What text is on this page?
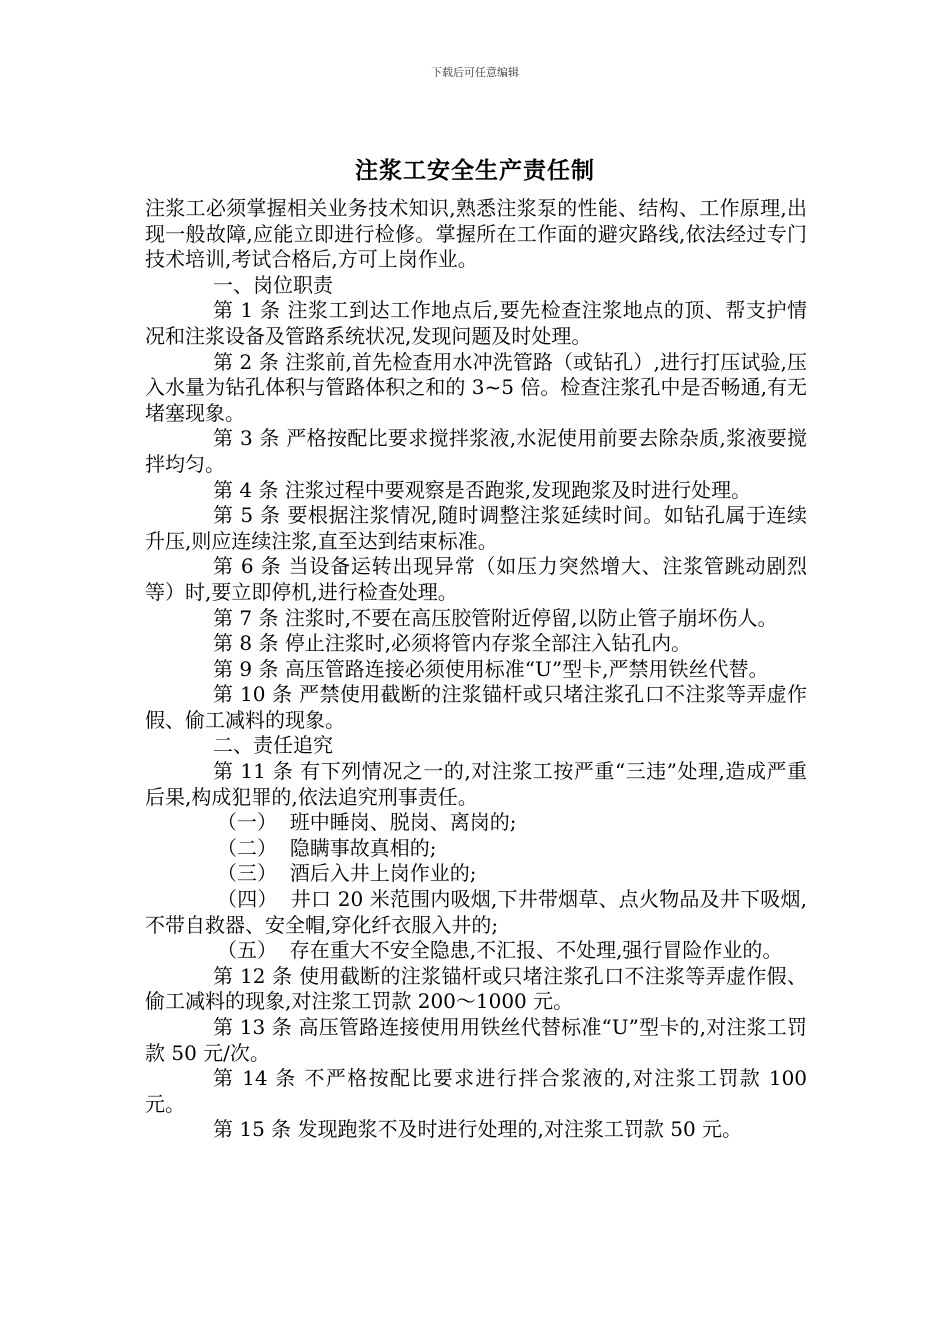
下载后可任意编辑
注浆工安全生产责任制

注浆工必须掌握相关业务技术知识,熟悉注浆泵的性能、结构、工作原理,出现一般故障,应能立即进行检修。掌握所在工作面的避灾路线,依法经过专门技术培训,考试合格后,方可上岗作业。

一、岗位职责

第 1 条 注浆工到达工作地点后,要先检查注浆地点的顶、帮支护情况和注浆设备及管路系统状况,发现问题及时处理。

第 2 条 注浆前,首先检查用水冲洗管路（或钻孔）,进行打压试验,压入水量为钻孔体积与管路体积之和的 3~5 倍。检查注浆孔中是否畅通,有无堵塞现象。

第 3 条 严格按配比要求搅拌浆液,水泥使用前要去除杂质,浆液要搅拌均匀。

第 4 条 注浆过程中要观察是否跑浆,发现跑浆及时进行处理。

第 5 条 要根据注浆情况,随时调整注浆延续时间。如钻孔属于连续升压,则应连续注浆,直至达到结束标准。

第 6 条 当设备运转出现异常（如压力突然增大、注浆管跳动剧烈等）时,要立即停机,进行检查处理。

第 7 条 注浆时,不要在高压胶管附近停留,以防止管子崩坏伤人。

第 8 条 停止注浆时,必须将管内存浆全部注入钻孔内。

第 9 条 高压管路连接必须使用标准“U”型卡,严禁用铁丝代替。

第 10 条 严禁使用截断的注浆锚杆或只堵注浆孔口不注浆等弄虚作假、偷工减料的现象。

二、责任追究

第 11 条 有下列情况之一的,对注浆工按严重“三违”处理,造成严重后果,构成犯罪的,依法追究刑事责任。

（一） 班中睡岗、脱岗、离岗的;

（二） 隐瞒事故真相的;

（三） 酒后入井上岗作业的;

（四） 井口 20 米范围内吸烟,下井带烟草、点火物品及井下吸烟,不带自救器、安全帽,穿化纤衣服入井的;

（五） 存在重大不安全隐患,不汇报、不处理,强行冒险作业的。

第 12 条 使用截断的注浆锚杆或只堵注浆孔口不注浆等弄虚作假、偷工减料的现象,对注浆工罚款 200～1000 元。

第 13 条 高压管路连接使用用铁丝代替标准“U”型卡的,对注浆工罚款 50 元/次。

第 14 条 不严格按配比要求进行拌合浆液的,对注浆工罚款 100 元。

第 15 条 发现跑浆不及时进行处理的,对注浆工罚款 50 元。
